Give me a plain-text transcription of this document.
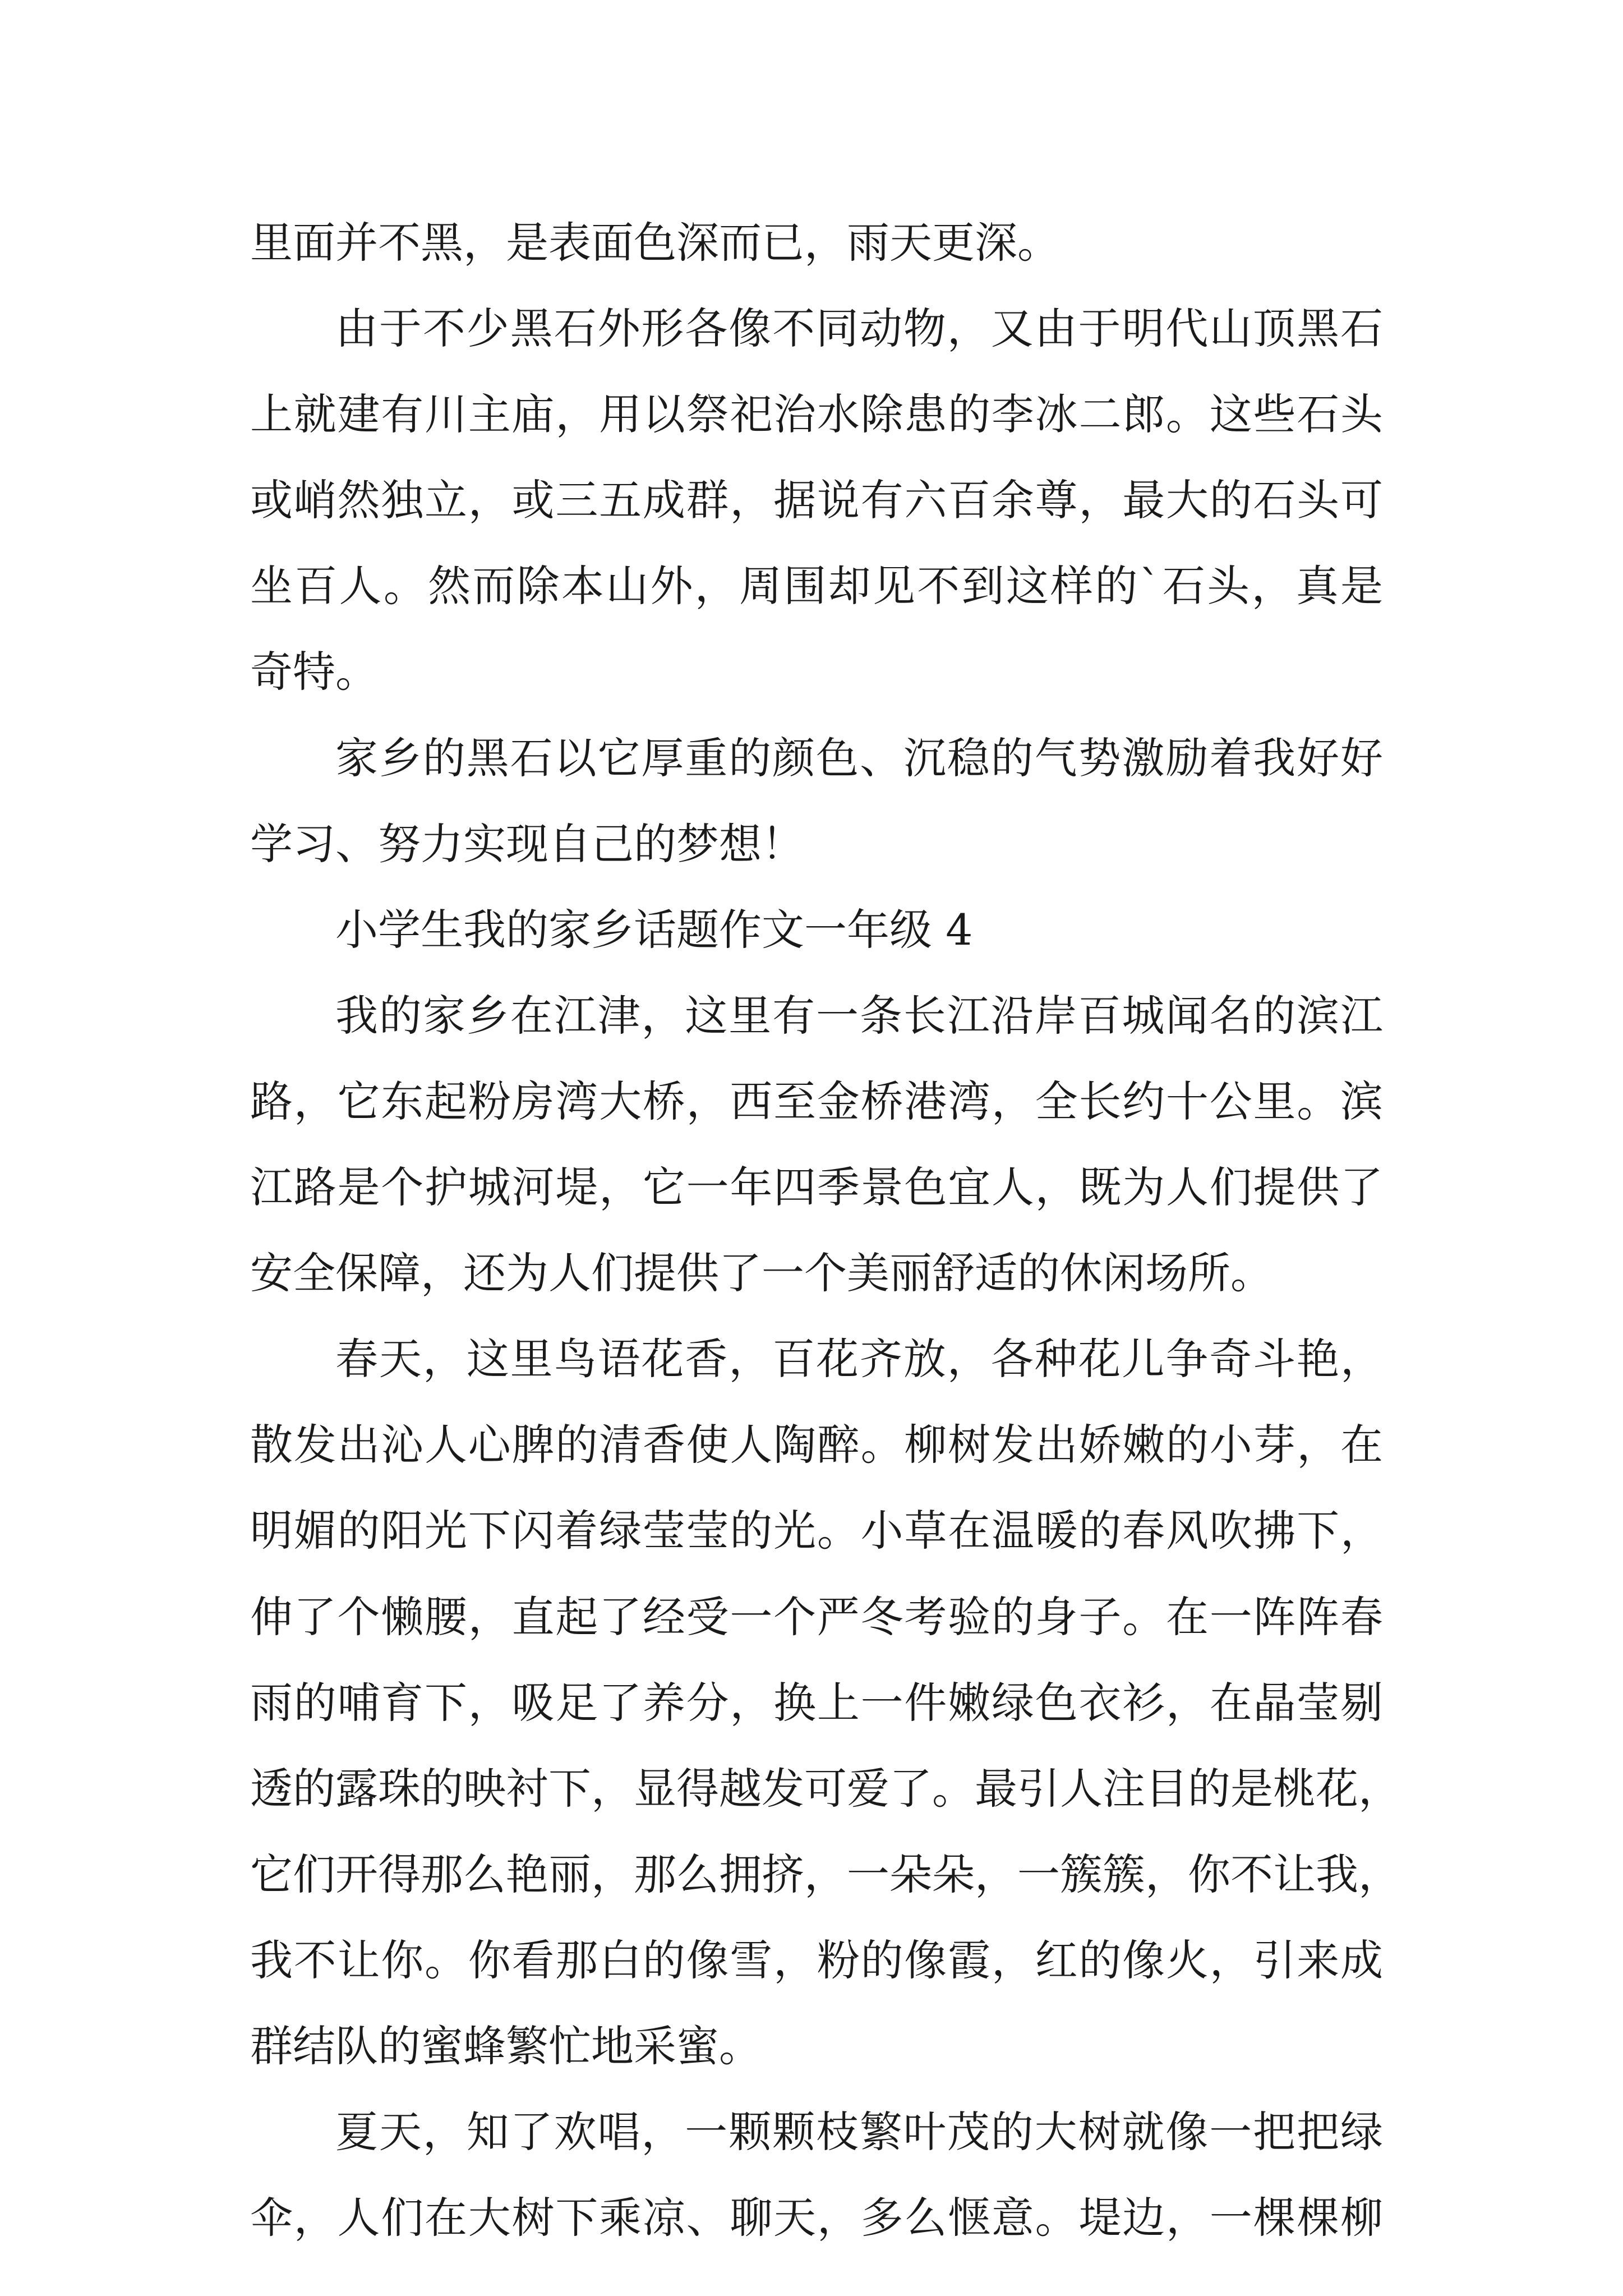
里面并不黑，是表面色深而已，雨天更深。
由于不少黑石外形各像不同动物，又由于明代山顶黑石
上就建有川主庙，用以祭祀治水除患的李冰二郎。这些石头
或峭然独立，或三五成群，据说有六百余尊，最大的石头可
坐百人。然而除本山外，周围却见不到这样的`石头，真是
奇特。
家乡的黑石以它厚重的颜色、沉稳的气势激励着我好好
学习、努力实现自己的梦想！
小学生我的家乡话题作文一年级 4
我的家乡在江津，这里有一条长江沿岸百城闻名的滨江
路，它东起粉房湾大桥，西至金桥港湾，全长约十公里。滨
江路是个护城河堤，它一年四季景色宜人，既为人们提供了
安全保障，还为人们提供了一个美丽舒适的休闲场所。
春天，这里鸟语花香，百花齐放，各种花儿争奇斗艳，
散发出沁人心脾的清香使人陶醉。柳树发出娇嫩的小芽，在
明媚的阳光下闪着绿莹莹的光。小草在温暖的春风吹拂下，
伸了个懒腰，直起了经受一个严冬考验的身子。在一阵阵春
雨的哺育下，吸足了养分，换上一件嫩绿色衣衫，在晶莹剔
透的露珠的映衬下，显得越发可爱了。最引人注目的是桃花，
它们开得那么艳丽，那么拥挤，一朵朵，一簇簇，你不让我，
我不让你。你看那白的像雪，粉的像霞，红的像火，引来成
群结队的蜜蜂繁忙地采蜜。
夏天，知了欢唱，一颗颗枝繁叶茂的大树就像一把把绿
伞，人们在大树下乘凉、聊天，多么惬意。堤边，一棵棵柳
